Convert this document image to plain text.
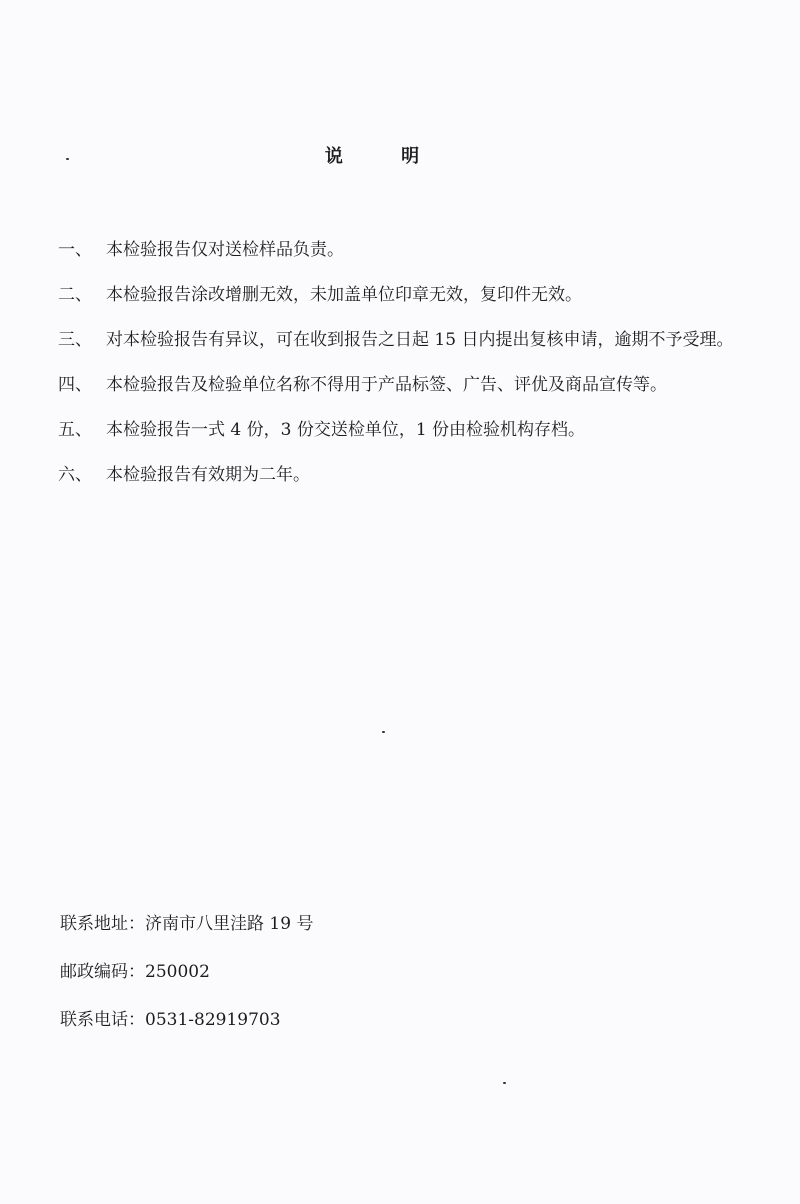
说 明
一、 本检验报告仅对送检样品负责。
二、 本检验报告涂改增删无效，未加盖单位印章无效，复印件无效。
三、 对本检验报告有异议，可在收到报告之日起 15 日内提出复核申请，逾期不予受理。
四、 本检验报告及检验单位名称不得用于产品标签、广告、评优及商品宣传等。
五、 本检验报告一式 4 份，3 份交送检单位，1 份由检验机构存档。
六、 本检验报告有效期为二年。
联系地址：济南市八里洼路 19 号
邮政编码：250002
联系电话：0531-82919703
